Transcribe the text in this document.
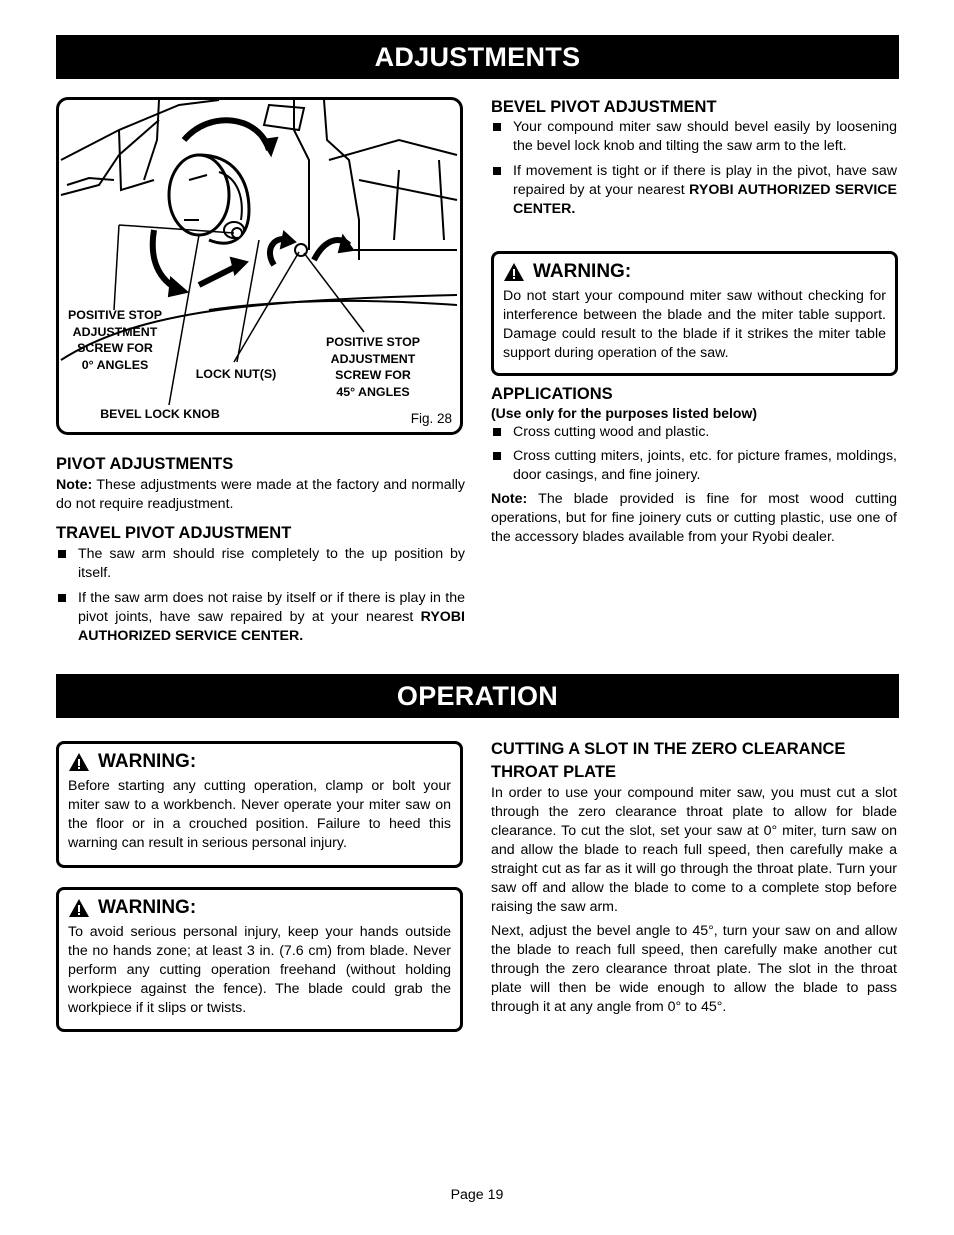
ADJUSTMENTS
POSITIVE STOP
ADJUSTMENT
SCREW FOR
0° ANGLES
LOCK NUT(S)
POSITIVE STOP
ADJUSTMENT
SCREW FOR
45° ANGLES
BEVEL LOCK KNOB	Fig. 28
PIVOT ADJUSTMENTS

Note: These adjustments were made at the factory and normally do not require readjustment.

TRAVEL PIVOT ADJUSTMENT
The saw arm should rise completely to the up position by itself.
If the saw arm does not raise by itself or if there is play in the pivot joints, have saw repaired by at your nearest RYOBI AUTHORIZED SERVICE CENTER.
BEVEL PIVOT ADJUSTMENT
Your compound miter saw should bevel easily by loosening the bevel lock knob and tilting the saw arm to the left.
If movement is tight or if there is play in the pivot, have saw repaired by at your nearest RYOBI AUTHORIZED SERVICE CENTER.
WARNING:

Do not start your compound miter saw without checking for interference between the blade and the miter table support. Damage could result to the blade if it strikes the miter table support during operation of the saw.

APPLICATIONS
(Use only for the purposes listed below)
Cross cutting wood and plastic.
Cross cutting miters, joints, etc. for picture frames, moldings, door casings, and fine joinery.

Note: The blade provided is fine for most wood cutting operations, but for fine joinery cuts or cutting plastic, use one of the accessory blades available from your Ryobi dealer.

OPERATION
WARNING:

Before starting any cutting operation, clamp or bolt your miter saw to a workbench. Never operate your miter saw on the floor or in a crouched position. Failure to heed this warning can result in serious personal injury.

WARNING:

To avoid serious personal injury, keep your hands outside the no hands zone; at least 3 in. (7.6 cm) from blade. Never perform any cutting operation freehand (without holding workpiece against the fence). The blade could grab the workpiece if it slips or twists.

CUTTING A SLOT IN THE ZERO CLEARANCE
THROAT PLATE

In order to use your compound miter saw, you must cut a slot through the zero clearance throat plate to allow for blade clearance. To cut the slot, set your saw at 0° miter, turn saw on and allow the blade to reach full speed, then carefully make a straight cut as far as it will go through the throat plate. Turn your saw off and allow the blade to come to a complete stop before raising the saw arm.

Next, adjust the bevel angle to 45°, turn your saw on and allow the blade to reach full speed, then carefully make another cut through the zero clearance throat plate. The slot in the throat plate will then be wide enough to allow the blade to pass through it at any angle from 0° to 45°.

Page 19
